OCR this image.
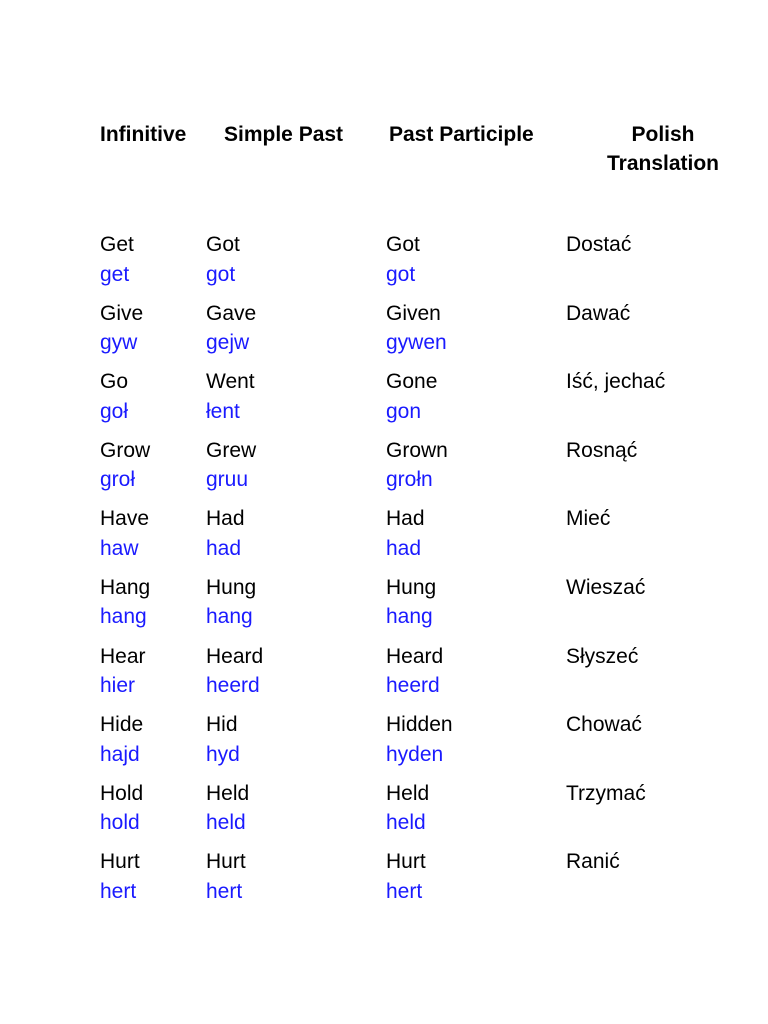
Infinitive Simple Past	Past Participle	Polish Translation
Get
get
Got
got
Got
got
Dostać
Give
gyw
Gave
gejw
Given
gywen
Dawać
Go
goł
Went
łent
Gone
gon
Iść, jechać
Grow
groł
Grew
gruu
Grown
grołn
Rosnąć
Have
haw
Had
had
Had
had
Mieć
Hang
hang
Hung
hang
Hung
hang
Wieszać
Hear
hier
Heard
heerd
Heard
heerd
Słyszeć
Hide
hajd
Hid
hyd
Hidden
hyden
Chować
Hold
hold
Held
held
Held
held
Trzymać
Hurt
hert
Hurt
hert
Hurt
hert
Ranić
